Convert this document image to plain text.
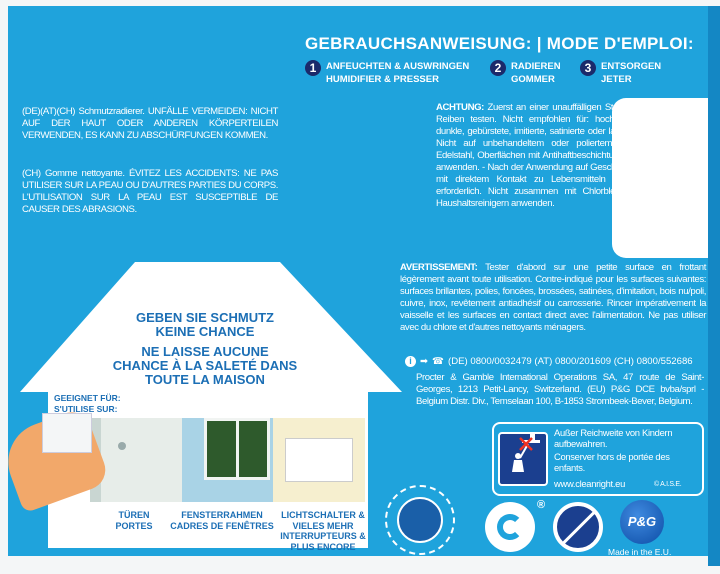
GEBRAUCHSANWEISUNG: | MODE D'EMPLOI:
1	ANFEUCHTEN & AUSWRINGEN
HUMIDIFIER & PRESSER
2	RADIEREN
GOMMER
3	ENTSORGEN
JETER
(DE)(AT)(CH) Schmutzradierer. UNFÄLLE VERMEIDEN: NICHT AUF DER HAUT ODER ANDEREN KÖRPERTEILEN VERWENDEN, ES KANN ZU ABSCHÜRFUNGEN KOMMEN.
(CH) Gomme nettoyante. ÉVITEZ LES ACCIDENTS: NE PAS UTILISER SUR LA PEAU OU D'AUTRES PARTIES DU CORPS. L'UTILISATION SUR LA PEAU EST SUSCEPTIBLE DE CAUSER DES ABRASIONS.
ACHTUNG: Zuerst an einer unauffälligen Stelle mit nur leichtem Reiben testen. Nicht empfohlen für: hochglänzende, polierte, dunkle, gebürstete, imitierte, satinierte oder lackierte Oberflächen. Nicht auf unbehandeltem oder poliertem Holz, auf Kupfer, Edelstahl, Oberflächen mit Antihaftbeschichtung oder Karosserien anwenden. - Nach der Anwendung auf Geschirr oder Oberflächen mit direktem Kontakt zu Lebensmitteln ist ein Abwaschen erforderlich. Nicht zusammen mit Chlorbleiche oder anderen Haushaltsreinigern anwenden.
AVERTISSEMENT: Tester d'abord sur une petite surface en frottant légèrement avant toute utilisation. Contre-indiqué pour les surfaces suivantes: surfaces brillantes, polies, foncées, brossées, satinées, d'imitation, bois nu/poli, cuivre, inox, revêtement antiadhésif ou carrosserie. Rincer impérativement la vaisselle et les surfaces en contact direct avec l'alimentation. Ne pas utiliser avec du chlore et d'autres nettoyants ménagers.
i ➡ ☎ (DE) 0800/0032479 (AT) 0800/201609 (CH) 0800/552686
Procter & Gamble International Operations SA, 47 route de Saint-Georges, 1213 Petit-Lancy, Switzerland. (EU) P&G DCE bvba/sprl - Belgium Distr. Div., Temselaan 100, B-1853 Strombeek-Bever, Belgium.
Außer Reichweite von Kindern aufbewahren.
Conserver hors de portée des enfants.
www.cleanright.eu	© A.I.S.E.
GEBEN SIE SCHMUTZ
KEINE CHANCE
NE LAISSE AUCUNE
CHANCE À LA SALETÉ DANS
TOUTE LA MAISON
GEEIGNET FÜR:
S'UTILISE SUR:
TÜREN
PORTES
FENSTERRAHMEN
CADRES DE FENÊTRES
LICHTSCHALTER & VIELES MEHR
INTERRUPTEURS & PLUS ENCORE
®
P&G
Made in the E.U.
